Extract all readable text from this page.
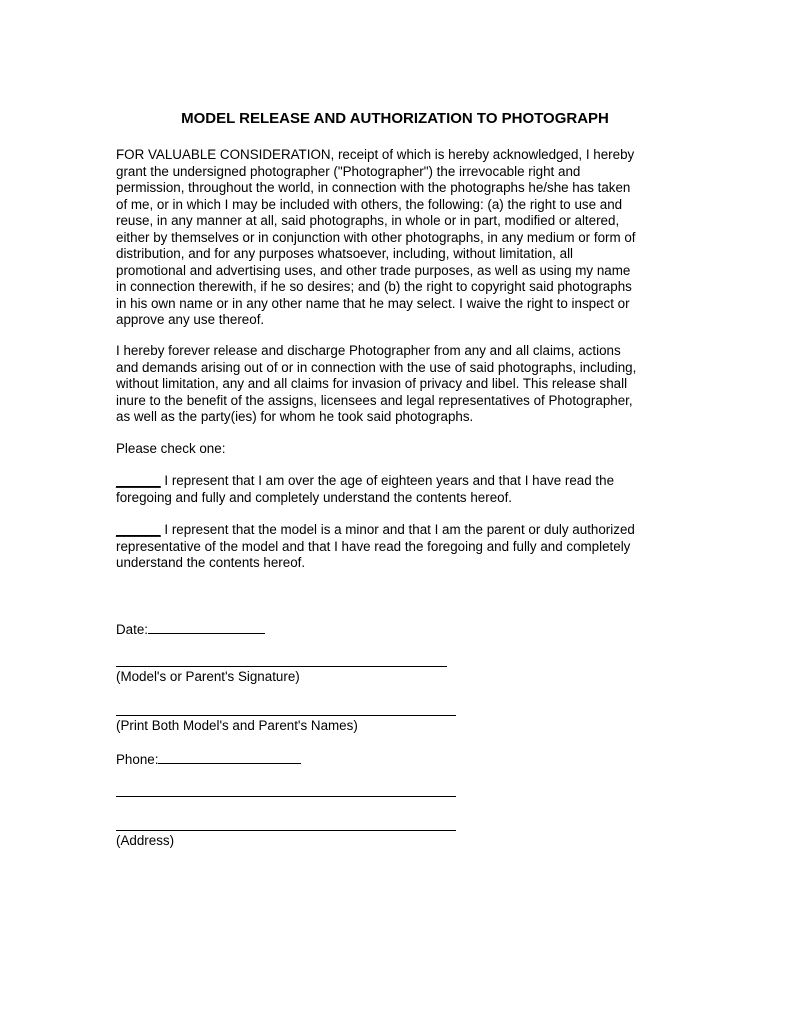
MODEL RELEASE AND AUTHORIZATION TO PHOTOGRAPH

FOR VALUABLE CONSIDERATION, receipt of which is hereby acknowledged, I hereby
grant the undersigned photographer ("Photographer") the irrevocable right and
permission, throughout the world, in connection with the photographs he/she has taken
of me, or in which I may be included with others, the following: (a) the right to use and
reuse, in any manner at all, said photographs, in whole or in part, modified or altered,
either by themselves or in conjunction with other photographs, in any medium or form of
distribution, and for any purposes whatsoever, including, without limitation, all
promotional and advertising uses, and other trade purposes, as well as using my name
in connection therewith, if he so desires; and (b) the right to copyright said photographs
in his own name or in any other name that he may select. I waive the right to inspect or
approve any use thereof.

I hereby forever release and discharge Photographer from any and all claims, actions
and demands arising out of or in connection with the use of said photographs, including,
without limitation, any and all claims for invasion of privacy and libel. This release shall
inure to the benefit of the assigns, licensees and legal representatives of Photographer,
as well as the party(ies) for whom he took said photographs.

Please check one:

______ I represent that I am over the age of eighteen years and that I have read the
foregoing and fully and completely understand the contents hereof.
______ I represent that the model is a minor and that I am the parent or duly authorized
representative of the model and that I have read the foregoing and fully and completely
understand the contents hereof.
Date:
(Model's or Parent's Signature)
(Print Both Model's and Parent's Names)
Phone:
(Address)
